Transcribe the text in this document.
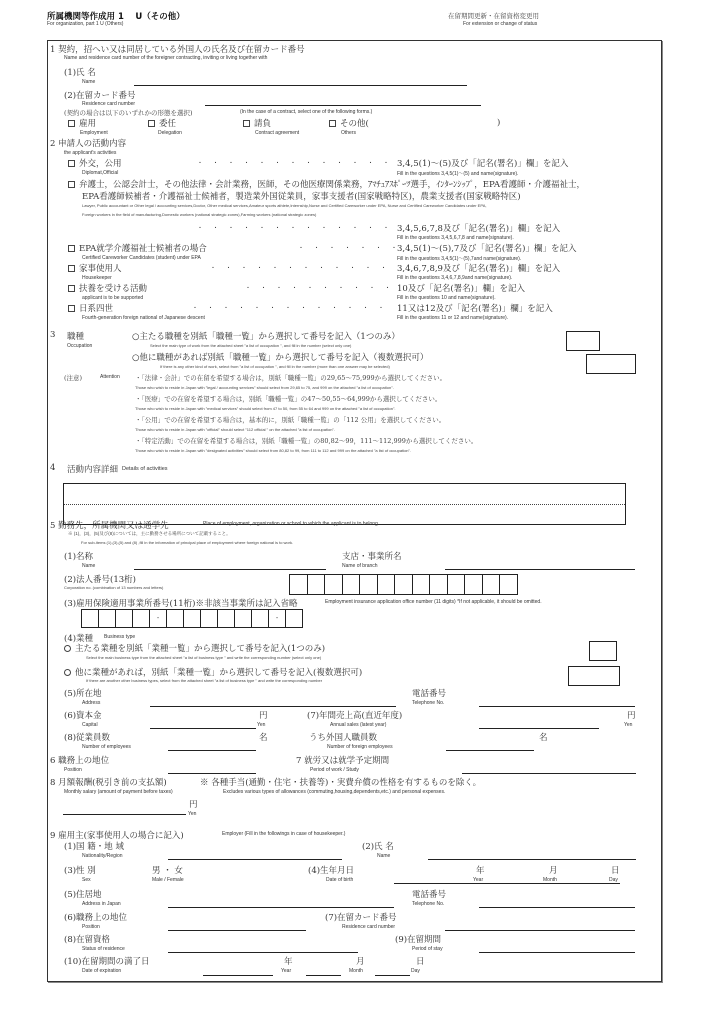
所属機関等作成用 1　 U（その他）
For organization, part 1 U (Others)
在留期間更新・在留資格変更用
For extension or change of status
1 契約，招へい又は同居している外国人の氏名及び在留カード番号
Name and residence card number of the foreigner contracting, inviting or living together with
(1)氏 名
Name
(2)在留カード番号
Residence card number
(契約の場合は以下のいずれかの形態を選択)	(In the case of a contract, select one of the following forms.)
雇用
Employment
委任
Delegation
請負
Contract agreement
その他(
Others
)
2 申請人の活動内容
the applicant's activities
外交，公用
Diplomat,Official
・・・・・・・・・・・・・
3,4,5(1)～(5)及び「記名(署名)」欄」を記入
Fill in the questions 3,4,5(1)～(5) and name(signature).
弁護士，公認会計士，その他法律・会計業務，医師，その他医療関係業務，ｱﾏﾁｭｱｽﾎﾟｰﾂ選手，ｲﾝﾀｰﾝｼｯﾌﾟ，EPA看護師・介護福祉士，
EPA看護師候補者・介護福祉士候補者，製造業外国従業員，家事支援者(国家戦略特区)，農業支援者(国家戦略特区)
Lawyer, Public accountant or Other legal / accounting services,Doctor, Other medical services,Amateur sports athlete,Internship,Nurse and Certified Careworker under EPA, Nurse and Certified Careworker Candidates under EPA,
Foreign workers in the field of manufacturing,Domestic workers (national strategic zones),Farming workers (national strategic zones)
・・・・・・・・・・・・・
3,4,5,6,7,8及び「記名(署名)」欄」を記入
Fill in the questions 3,4,5,6,7,8 and name(signature).
EPA就学介護福祉士候補者の場合
Certified Careworker Candidates (student) under EPA
・・・・・・・
3,4,5(1)～(5),7及び「記名(署名)」欄」を記入
Fill in the questions 3,4,5(1)～(5),7and name(signature).
家事使用人
Housekeeper
・・・・・・・・・・・・ 3,4,6,7,8,9及び「記名(署名)」欄」を記入
Fill in the questions 3,4,6,7,8,9and name(signature).
扶養を受ける活動
applicant is to be supported
・・・・・・・・・・
10及び「記名(署名)」欄」を記入
Fill in the questions 10 and name(signature).
日系四世
Fourth-generation foreign national of Japanese descent
・・・・・・・・・・・・・ 11又は12及び「記名(署名)」欄」を記入
Fill in the questions 11 or 12 and name(signature).
3 職種
Occupation
○主たる職種を別紙「職種一覧」から選択して番号を記入（1つのみ）
Select the main type of work from the attached sheet "a list of occupation ", and fill in the number (select only one)
○他に職種があれば別紙「職種一覧」から選択して番号を記入（複数選択可）
If there is any other kind of work, select from "a list of occupation ", and fill in the number (more than one answer may be selected)
(注意)	Attention ・「法律・会計」での在留を希望する場合は，別紙「職種一覧」の29,65～75,999から選択してください。
Those who wish to reside in Japan with "legal / accounting services" should select from 29,65 to 75, and 999 on the attached "a list of occupation".
・「医療」での在留を希望する場合は，別紙「職種一覧」の47～50,55～64,999から選択してください。
Those who wish to reside in Japan with "medical services" should select from 47 to 50, from 55 to 64 and 999 on the attached "a list of occupation".
・「公用」での在留を希望する場合は，基本的に，別紙「職種一覧」の「112 公用」を選択してください。
Those who wish to reside in Japan with "official" should select "112 official " on the attached "a list of occupation".
・「特定活動」での在留を希望する場合は，別紙「職種一覧」の80,82～99，111～112,999から選択してください。
Those who wish to reside in Japan with "designated activities" should select from 80,82 to 99, from 111 to 112 and 999 on the attached "a list of occupation".
4 活動内容詳細 Details of activities
5 勤務先，所属機関又は通学先	Place of employment, organization or school to which the applicant is to belong
※ (1)，(3)，(5)及び(8)については，主に勤務させる場所について記載すること。
For sub-items (1),(3),(5) and (8) ,fill in the information of principal place of employment where foreign national is to work.
(1)名称
Name
支店・事業所名
Name of branch
(2)法人番号(13桁)
Corporation no. (combination of 13 numbers and letters)
(3)雇用保険適用事業所番号(11桁)※非該当事業所は記入省略	Employment insurance application office number (11 digits) *If not applicable, it should be omitted.
-	-
(4)業種 Business type
主たる業種を別紙「業種一覧」から選択して番号を記入(1つのみ)
Select the main business type from the attached sheet "a list of business type " and write the corresponding number (select only one)
他に業種があれば，別紙「業種一覧」から選択して番号を記入(複数選択可)
If there are another other business types, select from the attached sheet "a list of business type " and write the corresponding number
(5)所在地
Address
電話番号
Telephone No.
(6)資本金
Capital
円
Yen
(7)年間売上高(直近年度)
Annual sales (latest year)
円
Yen
(8)従業員数
Number of employees
名	うち外国人職員数
Number of foreign employees
名
6 職務上の地位
Position
7 就労又は就学予定期間
Period of work / Study
8 月額報酬(税引き前の支払額)
Monthly salary (amount of payment before taxes)
※ 各種手当(通勤・住宅・扶養等)・実費弁償の性格を有するものを除く。
Excludes various types of allowances (commuting,housing,dependents,etc.) and personal expenses.
円
Yen
9 雇用主(家事使用人の場合に記入)	Employer (Fill in the followings in case of housekeeper.)
(1)国 籍・地 域
Nationality/Region
(2)氏 名
Name
(3)性 別
Sex
男 ・ 女
Male / Female
(4)生年月日
Date of birth
年
Year
月
Month
日
Day
(5)住居地
Address in Japan
電話番号
Telephone No.
(6)職務上の地位
Position
(7)在留カード番号
Residence card number
(8)在留資格
Status of residence
(9)在留期間
Period of stay
(10)在留期間の満了日
Date of expiration
年
Year
月
Month
日
Day
